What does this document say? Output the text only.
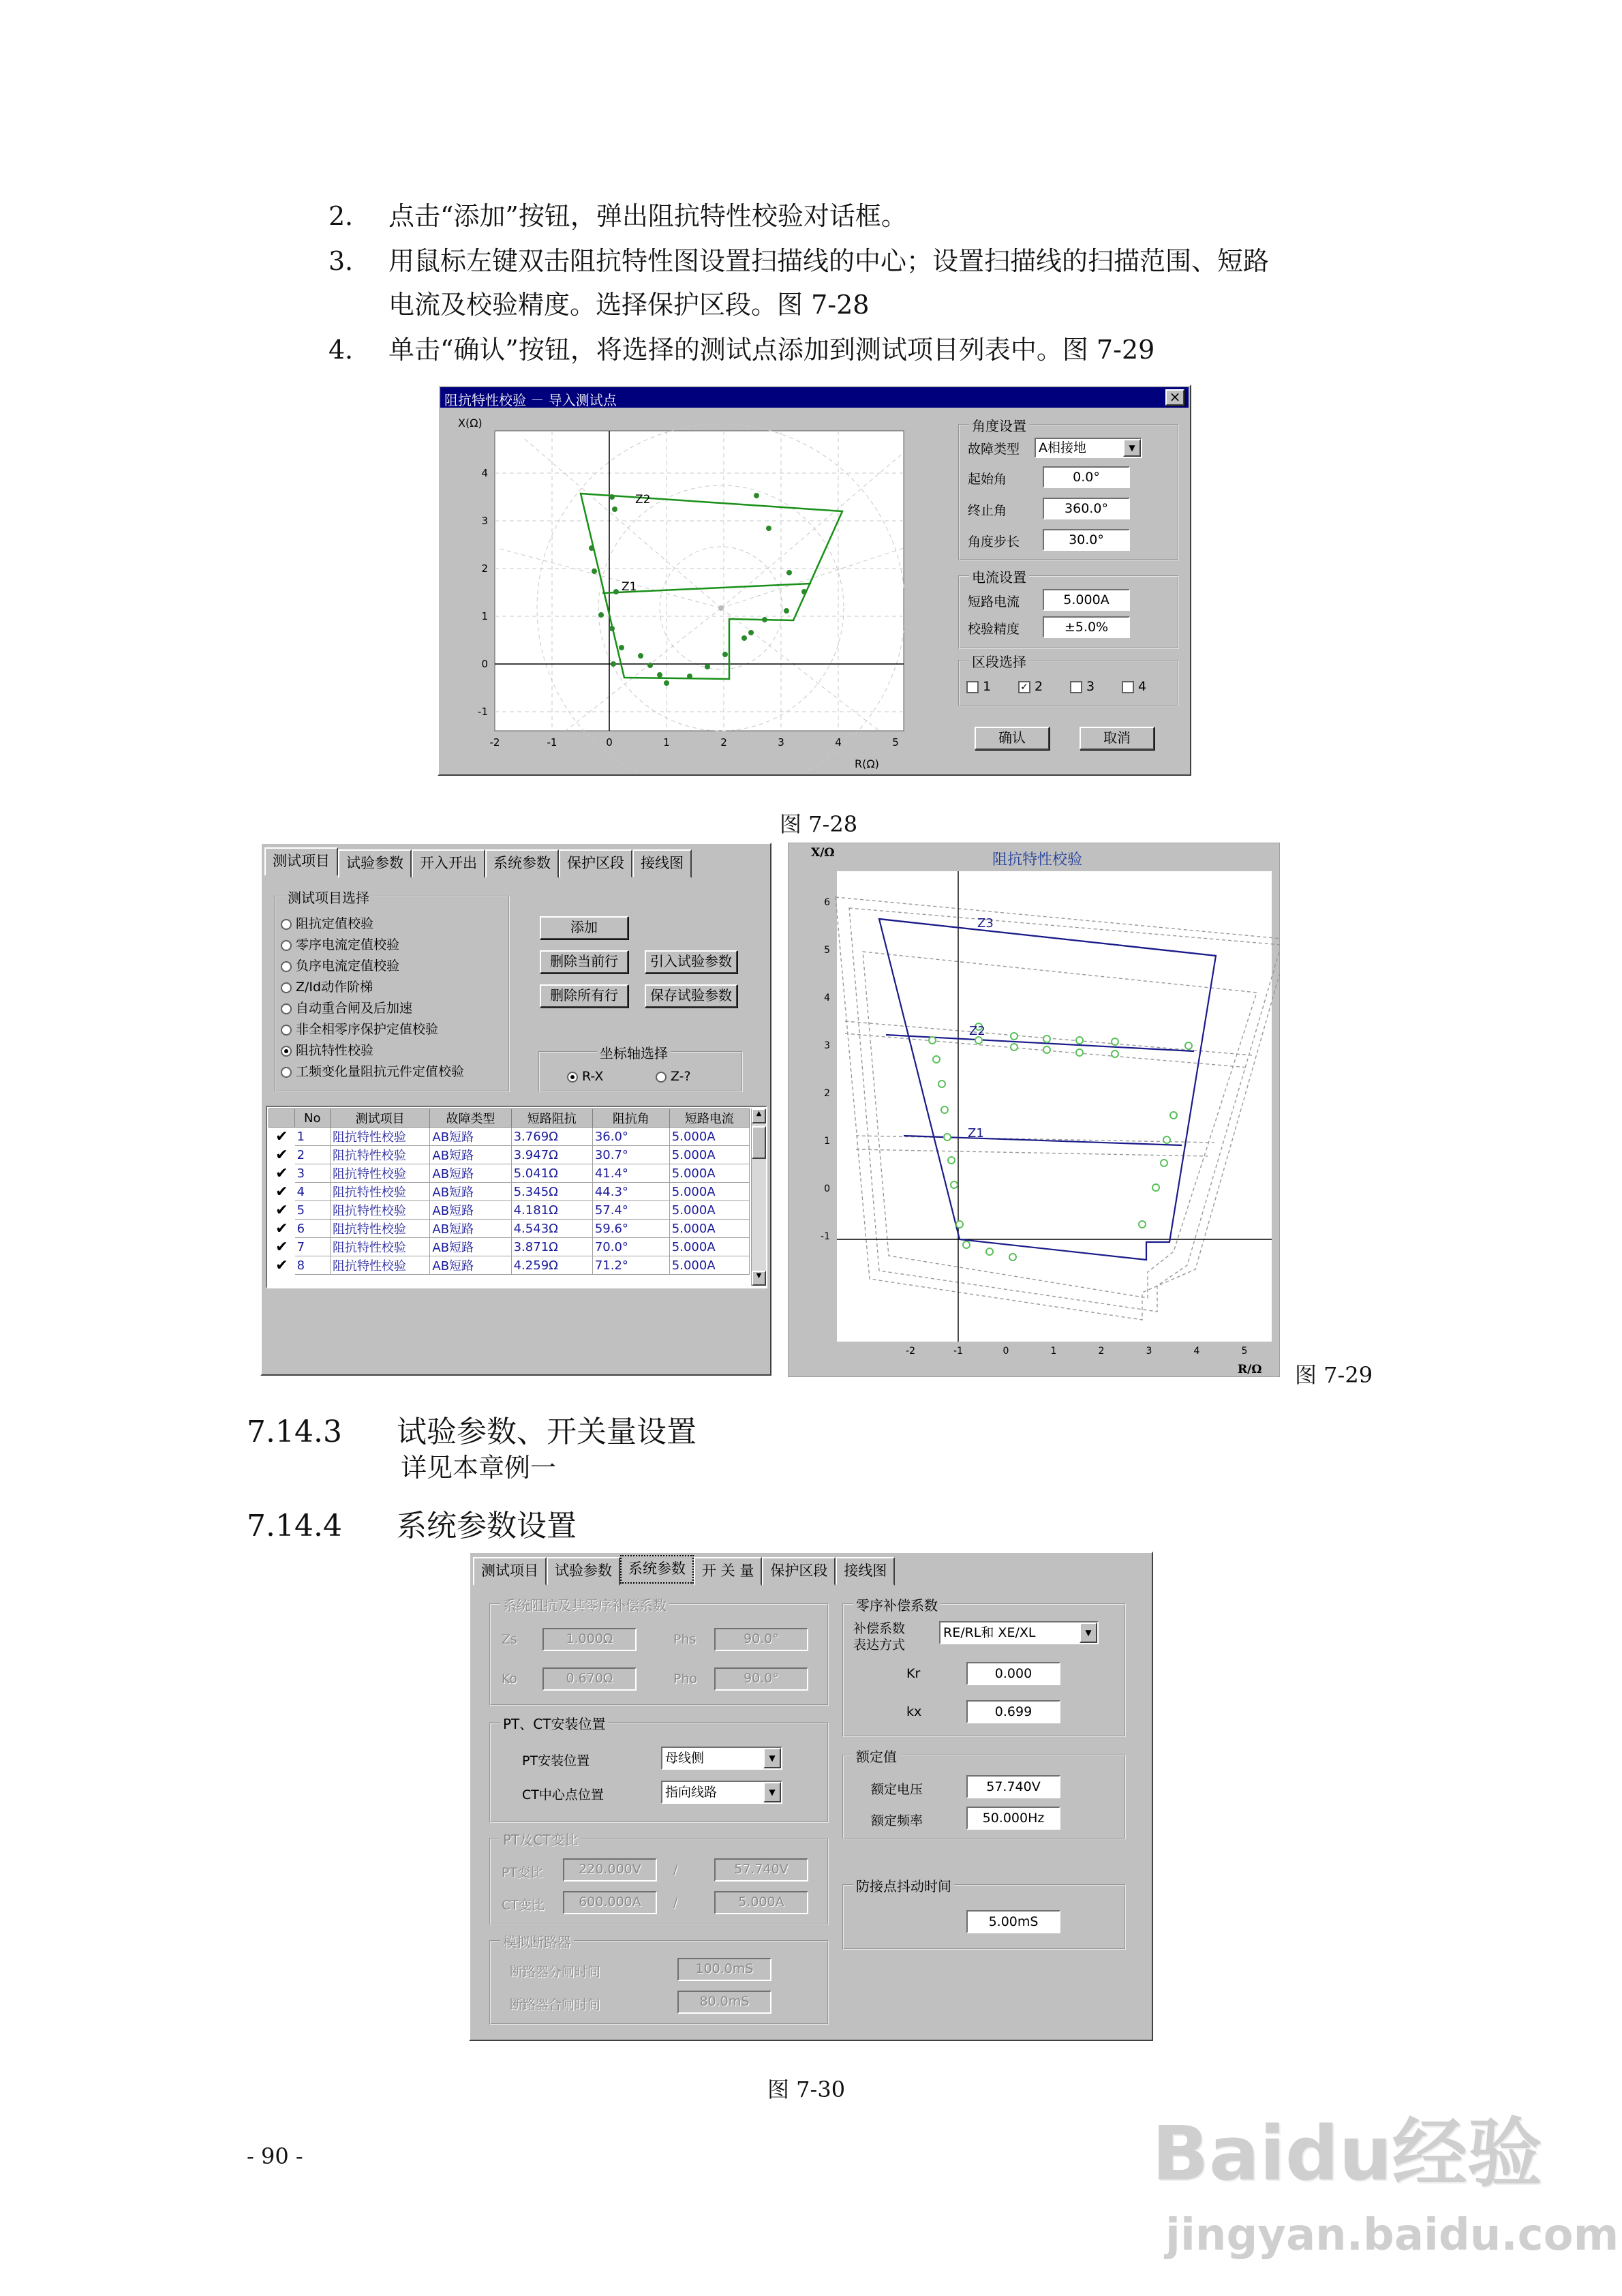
2． 点击“添加”按钮，弹出阻抗特性校验对话框。
3． 用鼠标左键双击阻抗特性图设置扫描线的中心；设置扫描线的扫描范围、短路
电流及校验精度。选择保护区段。图 7-28
4． 单击“确认”按钮，将选择的测试点添加到测试项目列表中。图 7-29
阻抗特性校验 － 导入测试点	×
-2	-1	0	1	2	3	4	5
4
3
2
1
0
-1
Z2
Z1
X(Ω)
R(Ω)
角度设置
故障类型	A相接地	▼
起始角	0.0°
终止角	360.0°
角度步长	30.0°
电流设置
短路电流	5.000A
校验精度	±5.0%
区段选择
1	✓ 2	3	4
确认	取消
图 7-28
测试项目	试验参数	开入开出	系统参数	保护区段	接线图
测试项目选择
阻抗定值校验
零序电流定值校验
负序电流定值校验
Z/Id动作阶梯
自动重合闸及后加速
非全相零序保护定值校验
阻抗特性校验
工频变化量阻抗元件定值校验
添加
删除当前行	引入试验参数
删除所有行	保存试验参数
坐标轴选择
R-X	Z-?
	No	测试项目	故障类型	短路阻抗	阻抗角	短路电流
✔	1	阻抗特性校验	AB短路	3.769Ω	36.0°	5.000A
✔	2	阻抗特性校验	AB短路	3.947Ω	30.7°	5.000A
✔	3	阻抗特性校验	AB短路	5.041Ω	41.4°	5.000A
✔	4	阻抗特性校验	AB短路	5.345Ω	44.3°	5.000A
✔	5	阻抗特性校验	AB短路	4.181Ω	57.4°	5.000A
✔	6	阻抗特性校验	AB短路	4.543Ω	59.6°	5.000A
✔	7	阻抗特性校验	AB短路	3.871Ω	70.0°	5.000A
✔	8	阻抗特性校验	AB短路	4.259Ω	71.2°	5.000A
▲
▼
阻抗特性校验
X/Ω
R/Ω
Z3
Z2
Z1
-2	-1	0	1	2	3	4	5
6
5
4
3
2
1
0
-1
图 7-29
7.14.3 试验参数、开关量设置
详见本章例一
7.14.4 系统参数设置
测试项目	试验参数	系统参数	开 关 量	保护区段	接线图
系统阻抗及其零序补偿系数
Zs	1.000Ω	Phs	90.0°
Ko	0.670Ω	Pho	90.0°
零序补偿系数
补偿系数
表达方式
RE/RL和 XE/XL	▼
Kr	0.000
kx	0.699
PT、CT安装位置
PT安装位置	母线侧	▼
CT中心点位置	指向线路	▼
额定值
额定电压	57.740V
额定频率	50.000Hz
PT及CT变比
PT变比	220.000V	/	57.740V
CT变比	600.000A	/	5.000A
防接点抖动时间
5.00mS
模拟断路器
断路器分闸时间	100.0mS
断路器合闸时间	80.0mS
图 7-30
- 90 -	Baidu经验
jingyan.baidu.com
